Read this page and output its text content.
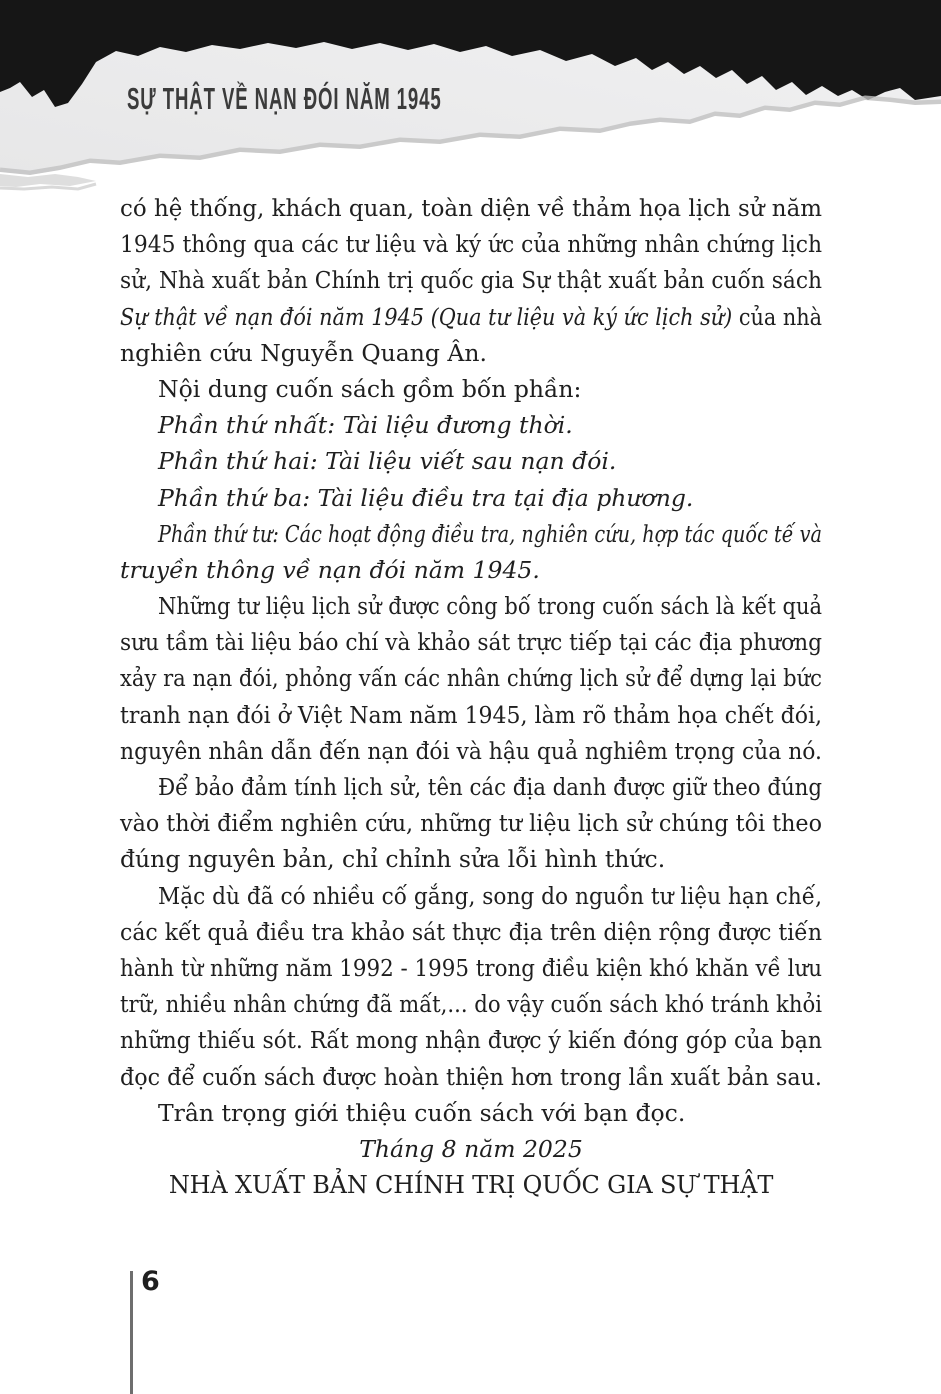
SỰ THẬT VỀ NẠN ĐÓI NĂM 1945
có hệ thống, khách quan, toàn diện về thảm họa lịch sử năm
1945 thông qua các tư liệu và ký ức của những nhân chứng lịch
sử, Nhà xuất bản Chính trị quốc gia Sự thật xuất bản cuốn sách
Sự thật về nạn đói năm 1945 (Qua tư liệu và ký ức lịch sử) của nhà
nghiên cứu Nguyễn Quang Ân.
Nội dung cuốn sách gồm bốn phần:
Phần thứ nhất: Tài liệu đương thời.
Phần thứ hai: Tài liệu viết sau nạn đói.
Phần thứ ba: Tài liệu điều tra tại địa phương.
Phần thứ tư: Các hoạt động điều tra, nghiên cứu, hợp tác quốc tế và
truyền thông về nạn đói năm 1945.
Những tư liệu lịch sử được công bố trong cuốn sách là kết quả
sưu tầm tài liệu báo chí và khảo sát trực tiếp tại các địa phương
xảy ra nạn đói, phỏng vấn các nhân chứng lịch sử để dựng lại bức
tranh nạn đói ở Việt Nam năm 1945, làm rõ thảm họa chết đói,
nguyên nhân dẫn đến nạn đói và hậu quả nghiêm trọng của nó.
Để bảo đảm tính lịch sử, tên các địa danh được giữ theo đúng
vào thời điểm nghiên cứu, những tư liệu lịch sử chúng tôi theo
đúng nguyên bản, chỉ chỉnh sửa lỗi hình thức.
Mặc dù đã có nhiều cố gắng, song do nguồn tư liệu hạn chế,
các kết quả điều tra khảo sát thực địa trên diện rộng được tiến
hành từ những năm 1992 - 1995 trong điều kiện khó khăn về lưu
trữ, nhiều nhân chứng đã mất,... do vậy cuốn sách khó tránh khỏi
những thiếu sót. Rất mong nhận được ý kiến đóng góp của bạn
đọc để cuốn sách được hoàn thiện hơn trong lần xuất bản sau.
Trân trọng giới thiệu cuốn sách với bạn đọc.
Tháng 8 năm 2025
NHÀ XUẤT BẢN CHÍNH TRỊ QUỐC GIA SỰ THẬT
6
